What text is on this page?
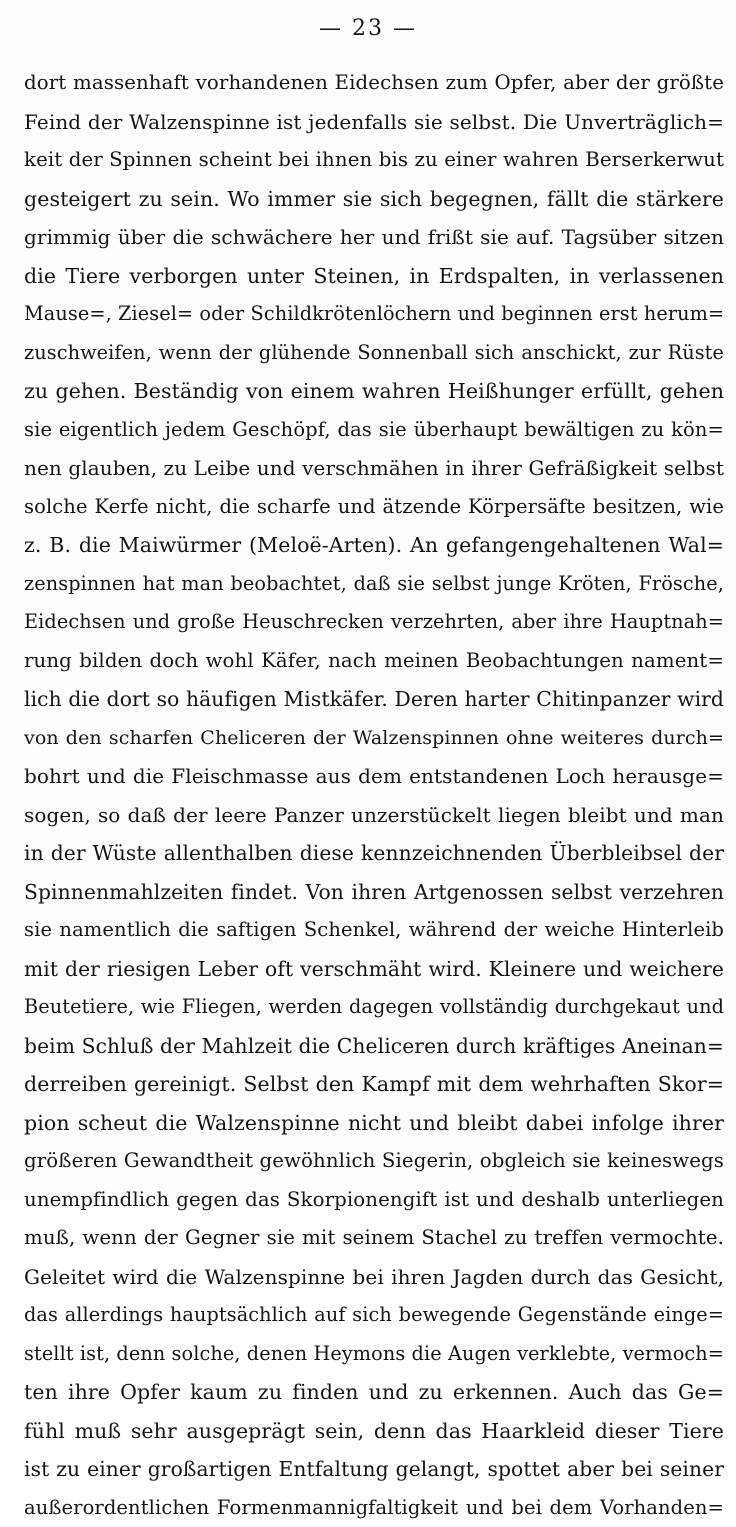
— 23 —
dort massenhaft vorhandenen Eidechsen zum Opfer, aber der größte
Feind der Walzenspinne ist jedenfalls sie selbst. Die Unverträglich=
keit der Spinnen scheint bei ihnen bis zu einer wahren Berserkerwut
gesteigert zu sein. Wo immer sie sich begegnen, fällt die stärkere
grimmig über die schwächere her und frißt sie auf. Tagsüber sitzen
die Tiere verborgen unter Steinen, in Erdspalten, in verlassenen
Mause=, Ziesel= oder Schildkrötenlöchern und beginnen erst herum=
zuschweifen, wenn der glühende Sonnenball sich anschickt, zur Rüste
zu gehen. Beständig von einem wahren Heißhunger erfüllt, gehen
sie eigentlich jedem Geschöpf, das sie überhaupt bewältigen zu kön=
nen glauben, zu Leibe und verschmähen in ihrer Gefräßigkeit selbst
solche Kerfe nicht, die scharfe und ätzende Körpersäfte besitzen, wie
z. B. die Maiwürmer (Meloë-Arten). An gefangengehaltenen Wal=
zenspinnen hat man beobachtet, daß sie selbst junge Kröten, Frösche,
Eidechsen und große Heuschrecken verzehrten, aber ihre Hauptnah=
rung bilden doch wohl Käfer, nach meinen Beobachtungen nament=
lich die dort so häufigen Mistkäfer. Deren harter Chitinpanzer wird
von den scharfen Cheliceren der Walzenspinnen ohne weiteres durch=
bohrt und die Fleischmasse aus dem entstandenen Loch herausge=
sogen, so daß der leere Panzer unzerstückelt liegen bleibt und man
in der Wüste allenthalben diese kennzeichnenden Überbleibsel der
Spinnenmahlzeiten findet. Von ihren Artgenossen selbst verzehren
sie namentlich die saftigen Schenkel, während der weiche Hinterleib
mit der riesigen Leber oft verschmäht wird. Kleinere und weichere
Beutetiere, wie Fliegen, werden dagegen vollständig durchgekaut und
beim Schluß der Mahlzeit die Cheliceren durch kräftiges Aneinan=
derreiben gereinigt. Selbst den Kampf mit dem wehrhaften Skor=
pion scheut die Walzenspinne nicht und bleibt dabei infolge ihrer
größeren Gewandtheit gewöhnlich Siegerin, obgleich sie keineswegs
unempfindlich gegen das Skorpionengift ist und deshalb unterliegen
muß, wenn der Gegner sie mit seinem Stachel zu treffen vermochte.
Geleitet wird die Walzenspinne bei ihren Jagden durch das Gesicht,
das allerdings hauptsächlich auf sich bewegende Gegenstände einge=
stellt ist, denn solche, denen Heymons die Augen verklebte, vermoch=
ten ihre Opfer kaum zu finden und zu erkennen. Auch das Ge=
fühl muß sehr ausgeprägt sein, denn das Haarkleid dieser Tiere
ist zu einer großartigen Entfaltung gelangt, spottet aber bei seiner
außerordentlichen Formenmannigfaltigkeit und bei dem Vorhanden=
